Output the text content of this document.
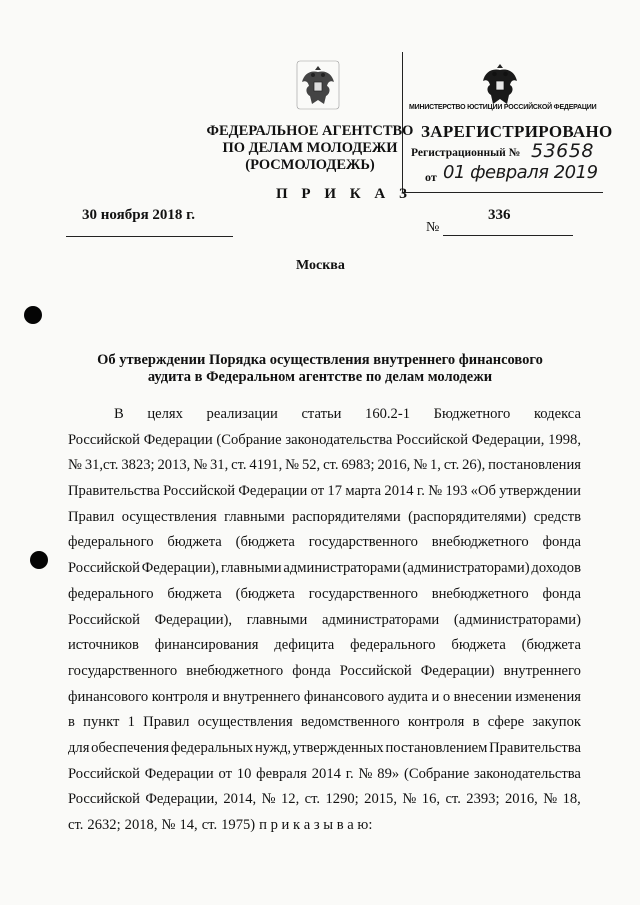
ФЕДЕРАЛЬНОЕ АГЕНТСТВО
ПО ДЕЛАМ МОЛОДЕЖИ
(РОСМОЛОДЕЖЬ)
МИНИСТЕРСТВО ЮСТИЦИИ РОССИЙСКОЙ ФЕДЕРАЦИИ
ЗАРЕГИСТРИРОВАНО
Регистрационный № 53658
от 01 февраля 2019
П Р И К А З
30 ноября 2018 г.	336
№
Москва
Об утверждении Порядка осуществления внутреннего финансового
аудита в Федеральном агентстве по делам молодежи
В целях реализации статьи 160.2-1 Бюджетного кодекса
Российской Федерации (Собрание законодательства Российской Федерации, 1998,
№ 31,ст. 3823; 2013, № 31, ст. 4191, № 52, ст. 6983; 2016, № 1, ст. 26), постановления
Правительства Российской Федерации от 17 марта 2014 г. № 193 «Об утверждении
Правил осуществления главными распорядителями (распорядителями) средств
федерального бюджета (бюджета государственного внебюджетного фонда
Российской Федерации), главными администраторами (администраторами) доходов
федерального бюджета (бюджета государственного внебюджетного фонда
Российской Федерации), главными администраторами (администраторами)
источников финансирования дефицита федерального бюджета (бюджета
государственного внебюджетного фонда Российской Федерации) внутреннего
финансового контроля и внутреннего финансового аудита и о внесении изменения
в пункт 1 Правил осуществления ведомственного контроля в сфере закупок
для обеспечения федеральных нужд, утвержденных постановлением Правительства
Российской Федерации от 10 февраля 2014 г. № 89» (Собрание законодательства
Российской Федерации, 2014, № 12, ст. 1290; 2015, № 16, ст. 2393; 2016, № 18,
ст. 2632; 2018, № 14, ст. 1975) п р и к а з ы в а ю:
